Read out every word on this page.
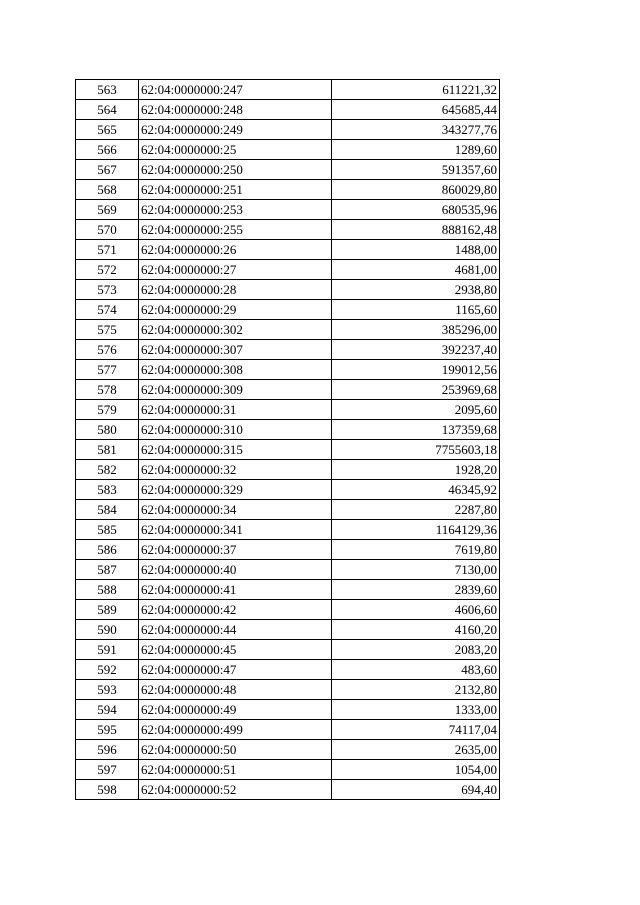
563	62:04:0000000:247	611221,32
564	62:04:0000000:248	645685,44
565	62:04:0000000:249	343277,76
566	62:04:0000000:25	1289,60
567	62:04:0000000:250	591357,60
568	62:04:0000000:251	860029,80
569	62:04:0000000:253	680535,96
570	62:04:0000000:255	888162,48
571	62:04:0000000:26	1488,00
572	62:04:0000000:27	4681,00
573	62:04:0000000:28	2938,80
574	62:04:0000000:29	1165,60
575	62:04:0000000:302	385296,00
576	62:04:0000000:307	392237,40
577	62:04:0000000:308	199012,56
578	62:04:0000000:309	253969,68
579	62:04:0000000:31	2095,60
580	62:04:0000000:310	137359,68
581	62:04:0000000:315	7755603,18
582	62:04:0000000:32	1928,20
583	62:04:0000000:329	46345,92
584	62:04:0000000:34	2287,80
585	62:04:0000000:341	1164129,36
586	62:04:0000000:37	7619,80
587	62:04:0000000:40	7130,00
588	62:04:0000000:41	2839,60
589	62:04:0000000:42	4606,60
590	62:04:0000000:44	4160,20
591	62:04:0000000:45	2083,20
592	62:04:0000000:47	483,60
593	62:04:0000000:48	2132,80
594	62:04:0000000:49	1333,00
595	62:04:0000000:499	74117,04
596	62:04:0000000:50	2635,00
597	62:04:0000000:51	1054,00
598	62:04:0000000:52	694,40
